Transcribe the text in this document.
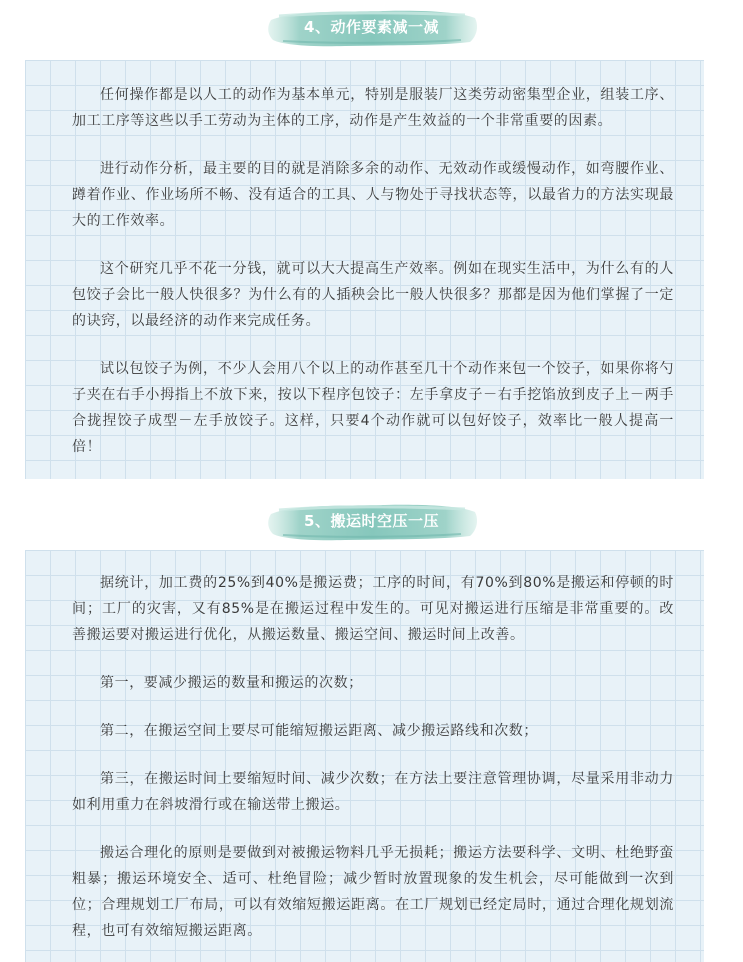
4、动作要素减一减

任何操作都是以人工的动作为基本单元，特别是服装厂这类劳动密集型企业，组装工序、加工工序等这些以手工劳动为主体的工序，动作是产生效益的一个非常重要的因素。

进行动作分析，最主要的目的就是消除多余的动作、无效动作或缓慢动作，如弯腰作业、蹲着作业、作业场所不畅、没有适合的工具、人与物处于寻找状态等，以最省力的方法实现最大的工作效率。

这个研究几乎不花一分钱，就可以大大提高生产效率。例如在现实生活中，为什么有的人包饺子会比一般人快很多？为什么有的人插秧会比一般人快很多？那都是因为他们掌握了一定的诀窍，以最经济的动作来完成任务。

试以包饺子为例，不少人会用八个以上的动作甚至几十个动作来包一个饺子，如果你将勺子夹在右手小拇指上不放下来，按以下程序包饺子：左手拿皮子－右手挖馅放到皮子上－两手合拢捏饺子成型－左手放饺子。这样，只要4个动作就可以包好饺子，效率比一般人提高一倍！

5、搬运时空压一压

据统计，加工费的25%到40%是搬运费；工序的时间，有70%到80%是搬运和停顿的时间；工厂的灾害，又有85%是在搬运过程中发生的。可见对搬运进行压缩是非常重要的。改善搬运要对搬运进行优化，从搬运数量、搬运空间、搬运时间上改善。

第一，要减少搬运的数量和搬运的次数；

第二，在搬运空间上要尽可能缩短搬运距离、减少搬运路线和次数；

第三，在搬运时间上要缩短时间、减少次数；在方法上要注意管理协调，尽量采用非动力如利用重力在斜坡滑行或在输送带上搬运。

搬运合理化的原则是要做到对被搬运物料几乎无损耗；搬运方法要科学、文明、杜绝野蛮粗暴；搬运环境安全、适可、杜绝冒险；减少暂时放置现象的发生机会，尽可能做到一次到位；合理规划工厂布局，可以有效缩短搬运距离。在工厂规划已经定局时，通过合理化规划流程，也可有效缩短搬运距离。
